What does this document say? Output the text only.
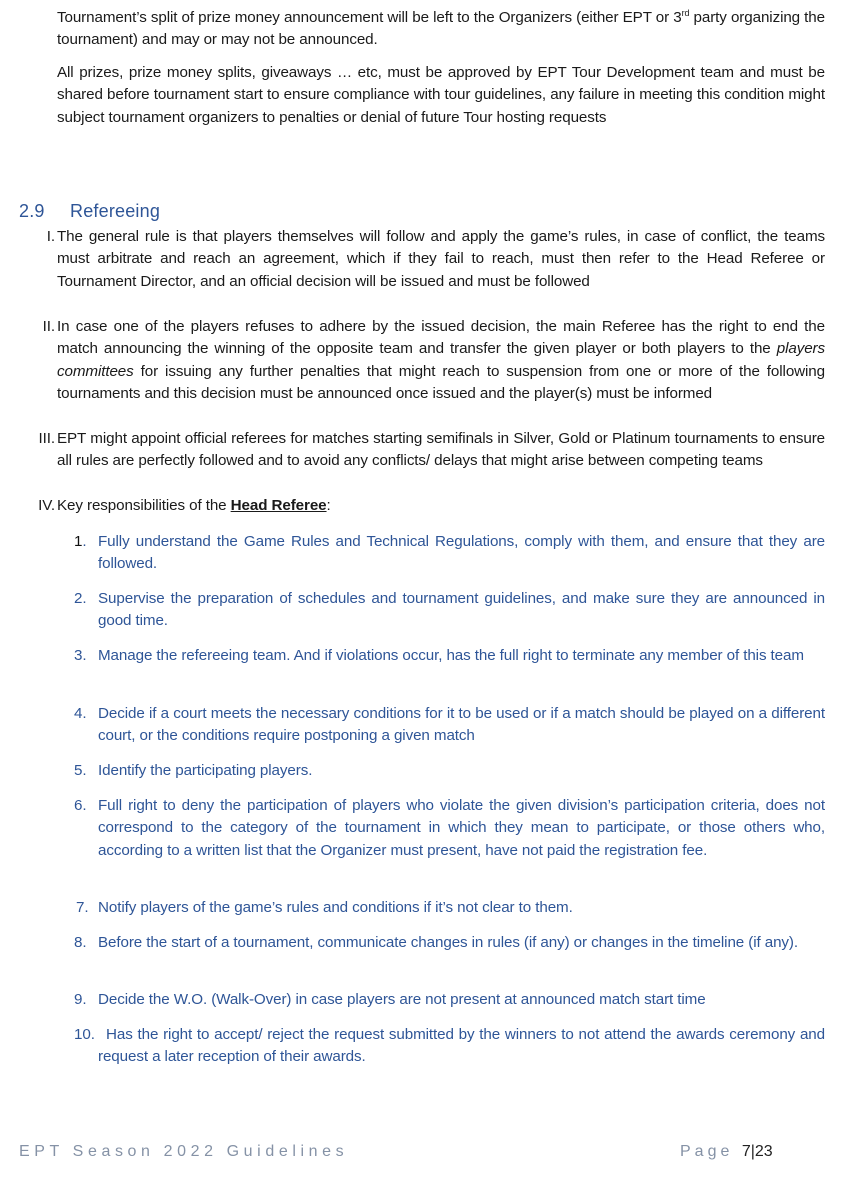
Tournament’s split of prize money announcement will be left to the Organizers (either EPT or 3rd party organizing the tournament) and may or may not be announced.
All prizes, prize money splits, giveaways … etc, must be approved by EPT Tour Development team and must be shared before tournament start to ensure compliance with tour guidelines, any failure in meeting this condition might subject tournament organizers to penalties or denial of future Tour hosting requests
2.9 Refereeing
I. The general rule is that players themselves will follow and apply the game’s rules, in case of conflict, the teams must arbitrate and reach an agreement, which if they fail to reach, must then refer to the Head Referee or Tournament Director, and an official decision will be issued and must be followed
II. In case one of the players refuses to adhere by the issued decision, the main Referee has the right to end the match announcing the winning of the opposite team and transfer the given player or both players to the players committees for issuing any further penalties that might reach to suspension from one or more of the following tournaments and this decision must be announced once issued and the player(s) must be informed
III. EPT might appoint official referees for matches starting semifinals in Silver, Gold or Platinum tournaments to ensure all rules are perfectly followed and to avoid any conflicts/ delays that might arise between competing teams
IV. Key responsibilities of the Head Referee:
1. Fully understand the Game Rules and Technical Regulations, comply with them, and ensure that they are followed.
2. Supervise the preparation of schedules and tournament guidelines, and make sure they are announced in good time.
3. Manage the refereeing team. And if violations occur, has the full right to terminate any member of this team
4. Decide if a court meets the necessary conditions for it to be used or if a match should be played on a different court, or the conditions require postponing a given match
5. Identify the participating players.
6. Full right to deny the participation of players who violate the given division’s participation criteria, does not correspond to the category of the tournament in which they mean to participate, or those others who, according to a written list that the Organizer must present, have not paid the registration fee.
7. Notify players of the game’s rules and conditions if it’s not clear to them.
8. Before the start of a tournament, communicate changes in rules (if any) or changes in the timeline (if any).
9. Decide the W.O. (Walk-Over) in case players are not present at announced match start time
10. Has the right to accept/ reject the request submitted by the winners to not attend the awards ceremony and request a later reception of their awards.
EPT Season 2022 Guidelines	Page 7|23
